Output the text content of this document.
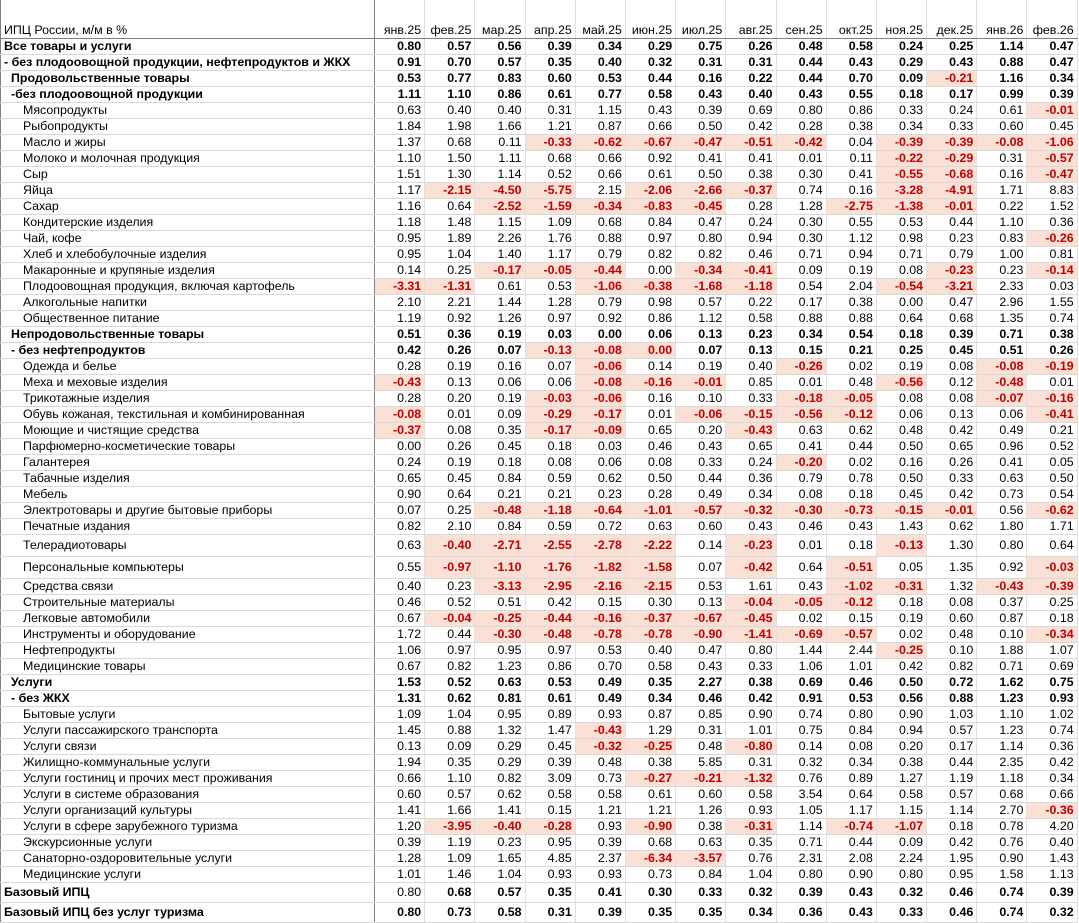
ИПЦ России, м/м в %	янв.25	фев.25	мар.25	апр.25	май.25	июн.25	июл.25	авг.25	сен.25	окт.25	ноя.25	дек.25	янв.26	фев.26
Все товары и услуги	0.80	0.57	0.56	0.39	0.34	0.29	0.75	0.26	0.48	0.58	0.24	0.25	1.14	0.47
- без плодоовощной продукции, нефтепродуктов и ЖКХ	0.91	0.70	0.57	0.35	0.40	0.32	0.31	0.31	0.44	0.43	0.29	0.43	0.88	0.47
Продовольственные товары	0.53	0.77	0.83	0.60	0.53	0.44	0.16	0.22	0.44	0.70	0.09	-0.21	1.16	0.34
-без плодоовощной продукции	1.11	1.10	0.86	0.61	0.77	0.58	0.43	0.40	0.43	0.55	0.18	0.17	0.99	0.39
Мясопродукты	0.63	0.40	0.40	0.31	1.15	0.43	0.39	0.69	0.80	0.86	0.33	0.24	0.61	-0.01
Рыбопродукты	1.84	1.98	1.66	1.21	0.87	0.66	0.50	0.42	0.28	0.38	0.34	0.33	0.60	0.45
Масло и жиры	1.37	0.68	0.11	-0.33	-0.62	-0.67	-0.47	-0.51	-0.42	0.04	-0.39	-0.39	-0.08	-1.06
Молоко и молочная продукция	1.10	1.50	1.11	0.68	0.66	0.92	0.41	0.41	0.01	0.11	-0.22	-0.29	0.31	-0.57
Сыр	1.51	1.30	1.14	0.52	0.66	0.61	0.50	0.38	0.30	0.41	-0.55	-0.68	0.16	-0.47
Яйца	1.17	-2.15	-4.50	-5.75	2.15	-2.06	-2.66	-0.37	0.74	0.16	-3.28	-4.91	1.71	8.83
Сахар	1.16	0.64	-2.52	-1.59	-0.34	-0.83	-0.45	0.28	1.28	-2.75	-1.38	-0.01	0.22	1.52
Кондитерские изделия	1.18	1.48	1.15	1.09	0.68	0.84	0.47	0.24	0.30	0.55	0.53	0.44	1.10	0.36
Чай, кофе	0.95	1.89	2.26	1.76	0.88	0.97	0.80	0.94	0.30	1.12	0.98	0.23	0.83	-0.26
Хлеб и хлебобулочные изделия	0.95	1.04	1.40	1.17	0.79	0.82	0.82	0.46	0.71	0.94	0.71	0.79	1.00	0.81
Макаронные и крупяные изделия	0.14	0.25	-0.17	-0.05	-0.44	0.00	-0.34	-0.41	0.09	0.19	0.08	-0.23	0.23	-0.14
Плодоовощная продукция, включая картофель	-3.31	-1.31	0.61	0.53	-1.06	-0.38	-1.68	-1.18	0.54	2.04	-0.54	-3.21	2.33	0.03
Алкогольные напитки	2.10	2.21	1.44	1.28	0.79	0.98	0.57	0.22	0.17	0.38	0.00	0.47	2.96	1.55
Общественное питание	1.19	0.92	1.26	0.97	0.92	0.86	1.12	0.58	0.88	0.88	0.64	0.68	1.35	0.74
Непродовольственные товары	0.51	0.36	0.19	0.03	0.00	0.06	0.13	0.23	0.34	0.54	0.18	0.39	0.71	0.38
- без нефтепродуктов	0.42	0.26	0.07	-0.13	-0.08	0.00	0.07	0.13	0.15	0.21	0.25	0.45	0.51	0.26
Одежда и белье	0.28	0.19	0.16	0.07	-0.06	0.14	0.19	0.40	-0.26	0.02	0.19	0.08	-0.08	-0.19
Меха и меховые изделия	-0.43	0.13	0.06	0.06	-0.08	-0.16	-0.01	0.85	0.01	0.48	-0.56	0.12	-0.48	0.01
Трикотажные изделия	0.28	0.20	0.19	-0.03	-0.06	0.16	0.10	0.33	-0.18	-0.05	0.08	0.08	-0.07	-0.16
Обувь кожаная, текстильная и комбинированная	-0.08	0.01	0.09	-0.29	-0.17	0.01	-0.06	-0.15	-0.56	-0.12	0.06	0.13	0.06	-0.41
Моющие и чистящие средства	-0.37	0.08	0.35	-0.17	-0.09	0.65	0.20	-0.43	0.63	0.62	0.48	0.42	0.49	0.21
Парфюмерно-косметические товары	0.00	0.26	0.45	0.18	0.03	0.46	0.43	0.65	0.41	0.44	0.50	0.65	0.96	0.52
Галантерея	0.24	0.19	0.18	0.08	0.06	0.08	0.33	0.24	-0.20	0.02	0.16	0.26	0.41	0.05
Табачные изделия	0.65	0.45	0.84	0.59	0.62	0.50	0.44	0.36	0.79	0.78	0.50	0.33	0.63	0.50
Мебель	0.90	0.64	0.21	0.21	0.23	0.28	0.49	0.34	0.08	0.18	0.45	0.42	0.73	0.54
Электротовары и другие бытовые приборы	0.07	0.25	-0.48	-1.18	-0.64	-1.01	-0.57	-0.32	-0.30	-0.73	-0.15	-0.01	0.56	-0.62
Печатные издания	0.82	2.10	0.84	0.59	0.72	0.63	0.60	0.43	0.46	0.43	1.43	0.62	1.80	1.71
Телерадиотовары	0.63	-0.40	-2.71	-2.55	-2.78	-2.22	0.14	-0.23	0.01	0.18	-0.13	1.30	0.80	0.64
Персональные компьютеры	0.55	-0.97	-1.10	-1.76	-1.82	-1.58	0.07	-0.42	0.64	-0.51	0.05	1.35	0.92	-0.03
Средства связи	0.40	0.23	-3.13	-2.95	-2.16	-2.15	0.53	1.61	0.43	-1.02	-0.31	1.32	-0.43	-0.39
Строительные материалы	0.46	0.52	0.51	0.42	0.15	0.30	0.13	-0.04	-0.05	-0.12	0.18	0.08	0.37	0.25
Легковые автомобили	0.67	-0.04	-0.25	-0.44	-0.16	-0.37	-0.67	-0.45	0.02	0.15	0.19	0.60	0.87	0.18
Инструменты и оборудование	1.72	0.44	-0.30	-0.48	-0.78	-0.78	-0.90	-1.41	-0.69	-0.57	0.02	0.48	0.10	-0.34
Нефтепродукты	1.06	0.97	0.95	0.97	0.53	0.40	0.47	0.80	1.44	2.44	-0.25	0.10	1.88	1.07
Медицинские товары	0.67	0.82	1.23	0.86	0.70	0.58	0.43	0.33	1.06	1.01	0.42	0.82	0.71	0.69
Услуги	1.53	0.52	0.63	0.53	0.49	0.35	2.27	0.38	0.69	0.46	0.50	0.72	1.62	0.75
- без ЖКХ	1.31	0.62	0.81	0.61	0.49	0.34	0.46	0.42	0.91	0.53	0.56	0.88	1.23	0.93
Бытовые услуги	1.09	1.04	0.95	0.89	0.93	0.87	0.85	0.90	0.74	0.80	0.90	1.03	1.10	1.02
Услуги пассажирского транспорта	1.45	0.88	1.32	1.47	-0.43	1.29	0.31	1.01	0.75	0.84	0.94	0.57	1.23	0.74
Услуги связи	0.13	0.09	0.29	0.45	-0.32	-0.25	0.48	-0.80	0.14	0.08	0.20	0.17	1.14	0.36
Жилищно-коммунальные услуги	1.94	0.35	0.29	0.39	0.48	0.38	5.85	0.31	0.32	0.34	0.38	0.44	2.35	0.42
Услуги гостиниц и прочих мест проживания	0.66	1.10	0.82	3.09	0.73	-0.27	-0.21	-1.32	0.76	0.89	1.27	1.19	1.18	0.34
Услуги в системе образования	0.60	0.57	0.62	0.58	0.58	0.61	0.60	0.58	3.54	0.64	0.58	0.57	0.68	0.66
Услуги организаций культуры	1.41	1.66	1.41	0.15	1.21	1.21	1.26	0.93	1.05	1.17	1.15	1.14	2.70	-0.36
Услуги в сфере зарубежного туризма	1.20	-3.95	-0.40	-0.28	0.93	-0.90	0.38	-0.31	1.14	-0.74	-1.07	0.18	0.78	4.20
Экскурсионные услуги	0.39	1.19	0.23	0.95	0.39	0.68	0.63	0.35	0.71	0.44	0.09	0.42	0.76	0.40
Санаторно-оздоровительные услуги	1.28	1.09	1.65	4.85	2.37	-6.34	-3.57	0.76	2.31	2.08	2.24	1.95	0.90	1.43
Медицинские услуги	1.01	1.46	1.04	0.93	0.93	0.73	0.84	1.04	0.80	0.90	0.80	0.95	1.58	1.13
Базовый ИПЦ	0.80	0.68	0.57	0.35	0.41	0.30	0.33	0.32	0.39	0.43	0.32	0.46	0.74	0.39
Базовый ИПЦ без услуг туризма	0.80	0.73	0.58	0.31	0.39	0.35	0.35	0.34	0.36	0.43	0.33	0.46	0.74	0.32
